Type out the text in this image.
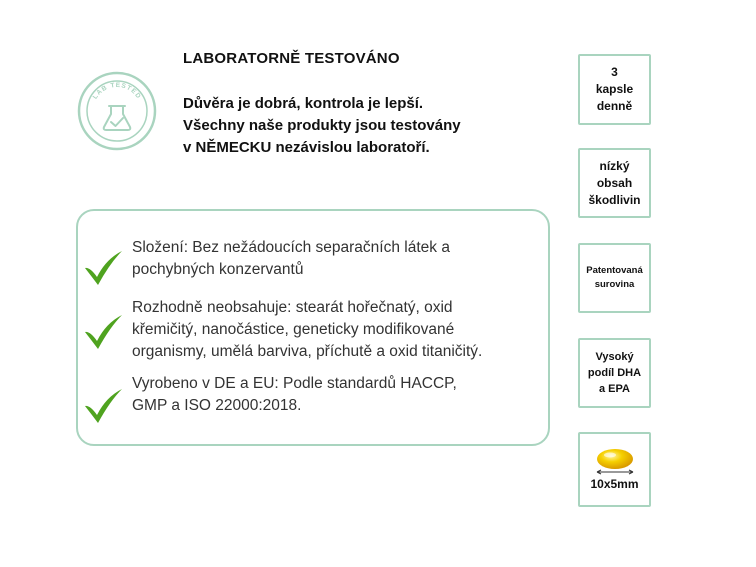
LAB TESTED
LABORATORNĚ TESTOVÁNO
Důvěra je dobrá, kontrola je lepší.
Všechny naše produkty jsou testovány
v NĚMECKU nezávislou laboratoří.
Složení: Bez nežádoucích separačních látek a
pochybných konzervantů
Rozhodně neobsahuje: stearát hořečnatý, oxid
křemičitý, nanočástice, geneticky modifikované
organismy, umělá barviva, příchutě a oxid titaničitý.
Vyrobeno v DE a EU: Podle standardů HACCP,
GMP a ISO 22000:2018.
3
kapsle
denně
nízký
obsah
škodlivin
Patentovaná
surovina
Vysoký
podíl DHA
a EPA
10x5mm
